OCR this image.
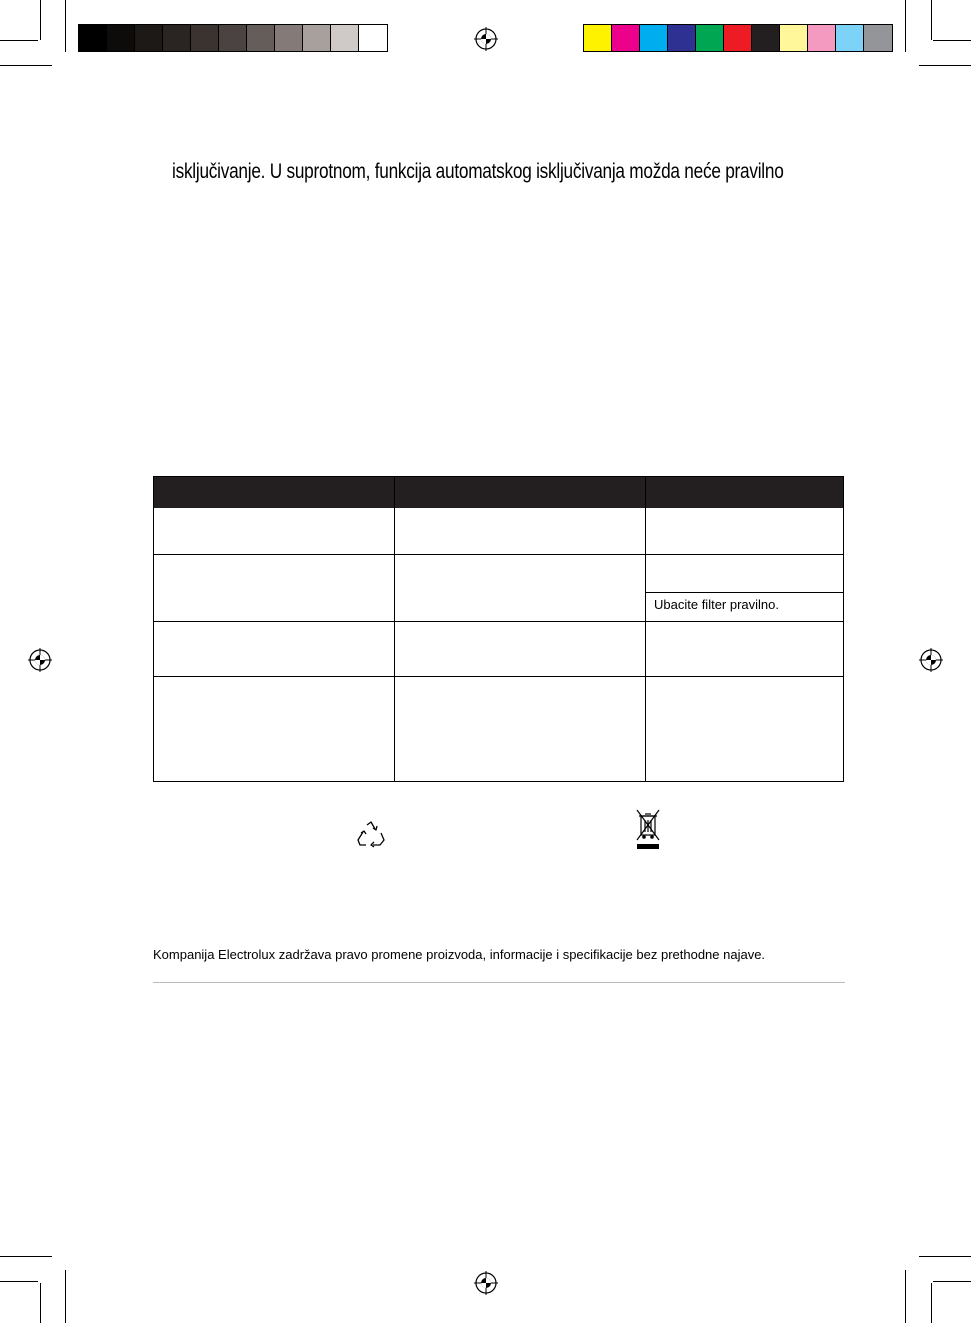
isključivanje. U suprotnom, funkcija automatskog isključivanja možda neće pravilno
Ubacite filter pravilno.
Kompanija Electrolux zadržava pravo promene proizvoda, informacije i specifikacije bez prethodne najave.
